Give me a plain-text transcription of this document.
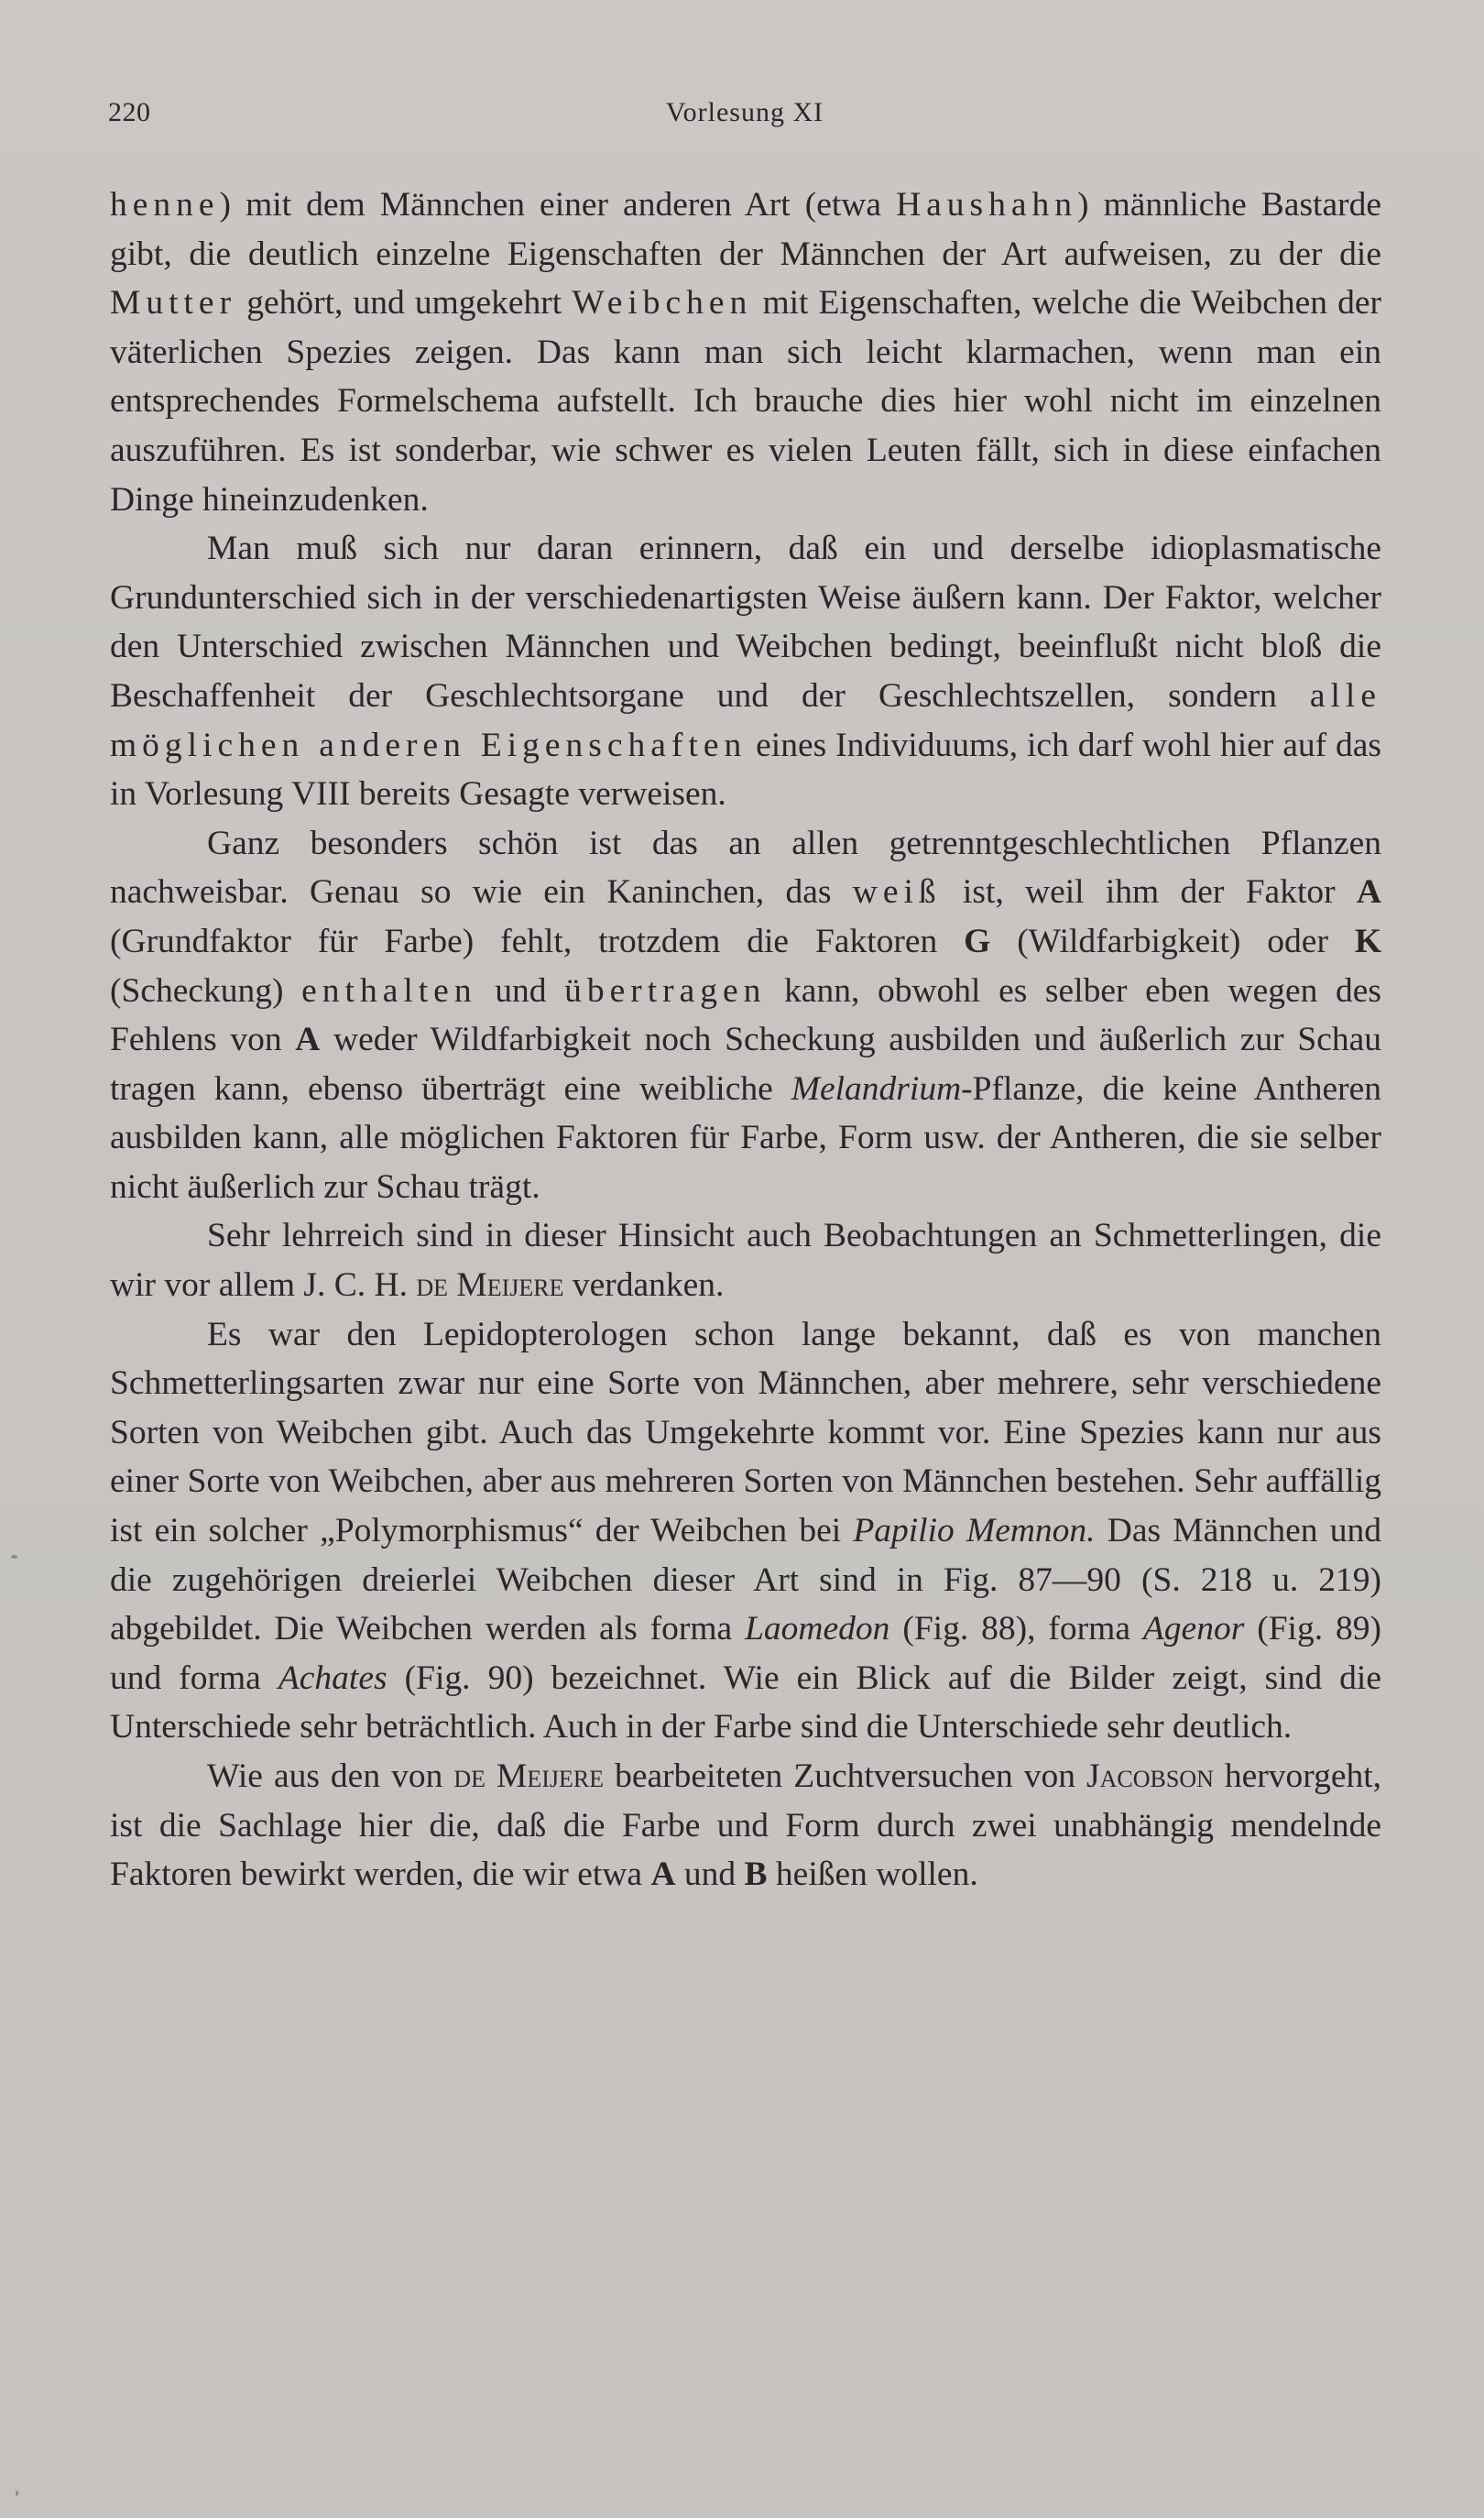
220	Vorlesung XI

henne) mit dem Männchen einer anderen Art (etwa Haushahn) männliche Bastarde gibt, die deutlich einzelne Eigenschaften der Männchen der Art aufweisen, zu der die Mutter gehört, und umgekehrt Weibchen mit Eigenschaften, welche die Weibchen der väterlichen Spezies zeigen. Das kann man sich leicht klarmachen, wenn man ein entsprechendes Formelschema aufstellt. Ich brauche dies hier wohl nicht im einzelnen auszuführen. Es ist sonderbar, wie schwer es vielen Leuten fällt, sich in diese einfachen Dinge hineinzudenken.

Man muß sich nur daran erinnern, daß ein und derselbe idioplasmatische Grundunterschied sich in der verschiedenartigsten Weise äußern kann. Der Faktor, welcher den Unterschied zwischen Männchen und Weibchen bedingt, beeinflußt nicht bloß die Beschaffenheit der Geschlechtsorgane und der Geschlechtszellen, sondern alle möglichen anderen Eigenschaften eines Individuums, ich darf wohl hier auf das in Vorlesung VIII bereits Gesagte verweisen.

Ganz besonders schön ist das an allen getrenntgeschlechtlichen Pflanzen nachweisbar. Genau so wie ein Kaninchen, das weiß ist, weil ihm der Faktor A (Grundfaktor für Farbe) fehlt, trotzdem die Faktoren G (Wildfarbigkeit) oder K (Scheckung) enthalten und übertragen kann, obwohl es selber eben wegen des Fehlens von A weder Wildfarbigkeit noch Scheckung ausbilden und äußerlich zur Schau tragen kann, ebenso überträgt eine weibliche Melandrium-Pflanze, die keine Antheren ausbilden kann, alle möglichen Faktoren für Farbe, Form usw. der Antheren, die sie selber nicht äußerlich zur Schau trägt.

Sehr lehrreich sind in dieser Hinsicht auch Beobachtungen an Schmetterlingen, die wir vor allem J. C. H. de Meijere verdanken.

Es war den Lepidopterologen schon lange bekannt, daß es von manchen Schmetterlingsarten zwar nur eine Sorte von Männchen, aber mehrere, sehr verschiedene Sorten von Weibchen gibt. Auch das Umgekehrte kommt vor. Eine Spezies kann nur aus einer Sorte von Weibchen, aber aus mehreren Sorten von Männchen bestehen. Sehr auffällig ist ein solcher „Polymorphismus“ der Weibchen bei Papilio Memnon. Das Männchen und die zugehörigen dreierlei Weibchen dieser Art sind in Fig. 87—90 (S. 218 u. 219) abgebildet. Die Weibchen werden als forma Laomedon (Fig. 88), forma Agenor (Fig. 89) und forma Achates (Fig. 90) bezeichnet. Wie ein Blick auf die Bilder zeigt, sind die Unterschiede sehr beträchtlich. Auch in der Farbe sind die Unterschiede sehr deutlich.

Wie aus den von de Meijere bearbeiteten Zuchtversuchen von Jacobson hervorgeht, ist die Sachlage hier die, daß die Farbe und Form durch zwei unabhängig mendelnde Faktoren bewirkt werden, die wir etwa A und B heißen wollen.
